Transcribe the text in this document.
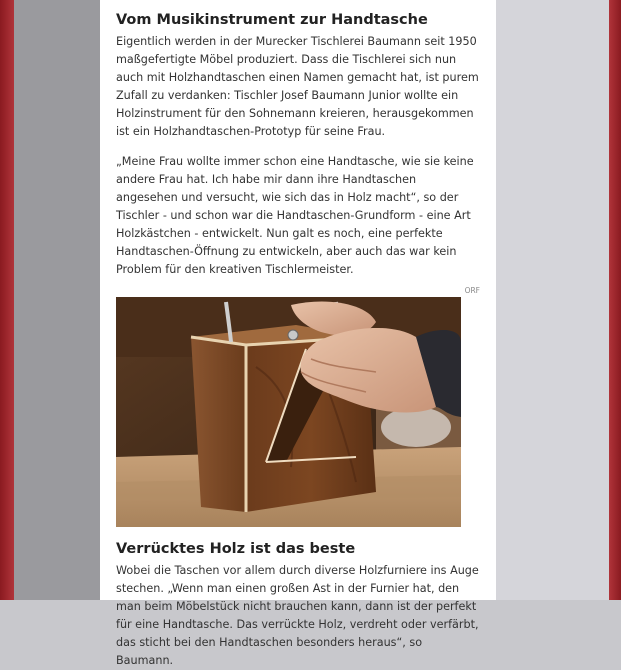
Vom Musikinstrument zur Handtasche

Eigentlich werden in der Murecker Tischlerei Baumann seit 1950 maßgefertigte Möbel produziert. Dass die Tischlerei sich nun auch mit Holzhandtaschen einen Namen gemacht hat, ist purem Zufall zu verdanken: Tischler Josef Baumann Junior wollte ein Holzinstrument für den Sohnemann kreieren, herausgekommen ist ein Holzhandtaschen-Prototyp für seine Frau.

„Meine Frau wollte immer schon eine Handtasche, wie sie keine andere Frau hat. Ich habe mir dann ihre Handtaschen angesehen und versucht, wie sich das in Holz macht“, so der Tischler - und schon war die Handtaschen-Grundform - eine Art Holzkästchen - entwickelt. Nun galt es noch, eine perfekte Handtaschen-Öffnung zu entwickeln, aber auch das war kein Problem für den kreativen Tischlermeister.

ORF
Verrücktes Holz ist das beste

Wobei die Taschen vor allem durch diverse Holzfurniere ins Auge stechen. „Wenn man einen großen Ast in der Furnier hat, den man beim Möbelstück nicht brauchen kann, dann ist der perfekt für eine Handtasche. Das verrückte Holz, verdreht oder verfärbt, das sticht bei den Handtaschen besonders heraus“, so Baumann.
